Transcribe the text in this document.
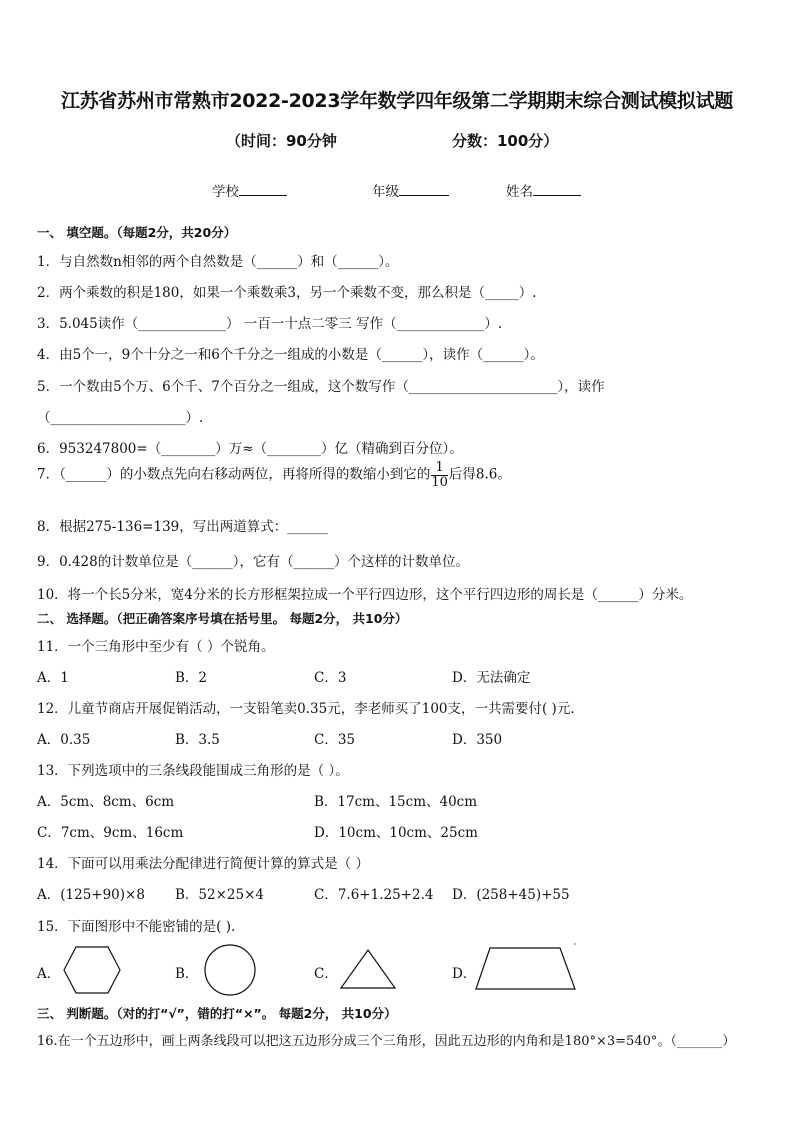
江苏省苏州市常熟市2022-2023学年数学四年级第二学期期末综合测试模拟试题
（时间：90分钟	分数：100分）
学校	年级	姓名
一、 填空题。（每题2分，共20分）
1．与自然数n相邻的两个自然数是（______）和（______）。
2．两个乘数的积是180，如果一个乘数乘3，另一个乘数不变，那么积是（_____）.
3．5.045读作（_____________） 一百一十点二零三 写作（_____________）.
4．由5个一，9个十分之一和6个千分之一组成的小数是（______），读作（______）。
5．一个数由5个万、6个千、7个百分之一组成，这个数写作（______________________），读作
（____________________）.
6．953247800=（________）万≈（________）亿（精确到百分位）。
7．（______）的小数点先向右移动两位，再将所得的数缩小到它的 $\frac{1}{10}$ 后得8.6。
8．根据275-136=139，写出两道算式：______
9．0.428的计数单位是（______），它有（______）个这样的计数单位。
10．将一个长5分米，宽4分米的长方形框架拉成一个平行四边形，这个平行四边形的周长是（______）分米。
二、 选择题。（把正确答案序号填在括号里。 每题2分， 共10分）
11．一个三角形中至少有（ ）个锐角。
A．1	B．2	C．3	D．无法确定
12．儿童节商店开展促销活动，一支铅笔卖0.35元，李老师买了100支，一共需要付( )元．
A．0.35	B．3.5	C．35	D．350
13．下列选项中的三条线段能围成三角形的是（ ）。
A．5cm、8cm、6cm	B．17cm、15cm、40cm
C．7cm、9cm、16cm	D．10cm、10cm、25cm
14．下面可以用乘法分配律进行简便计算的算式是（ ）
A．(125+90)×8 B．52×25×4	C．7.6+1.25+2.4 D．(258+45)+55
15．下面图形中不能密铺的是( ).
A．	B．	C．	D．
三、 判断题。（对的打“√”，错的打“×”。 每题2分， 共10分）
16.在一个五边形中，画上两条线段可以把这五边形分成三个三角形，因此五边形的内角和是180°×3=540°。（_______）
